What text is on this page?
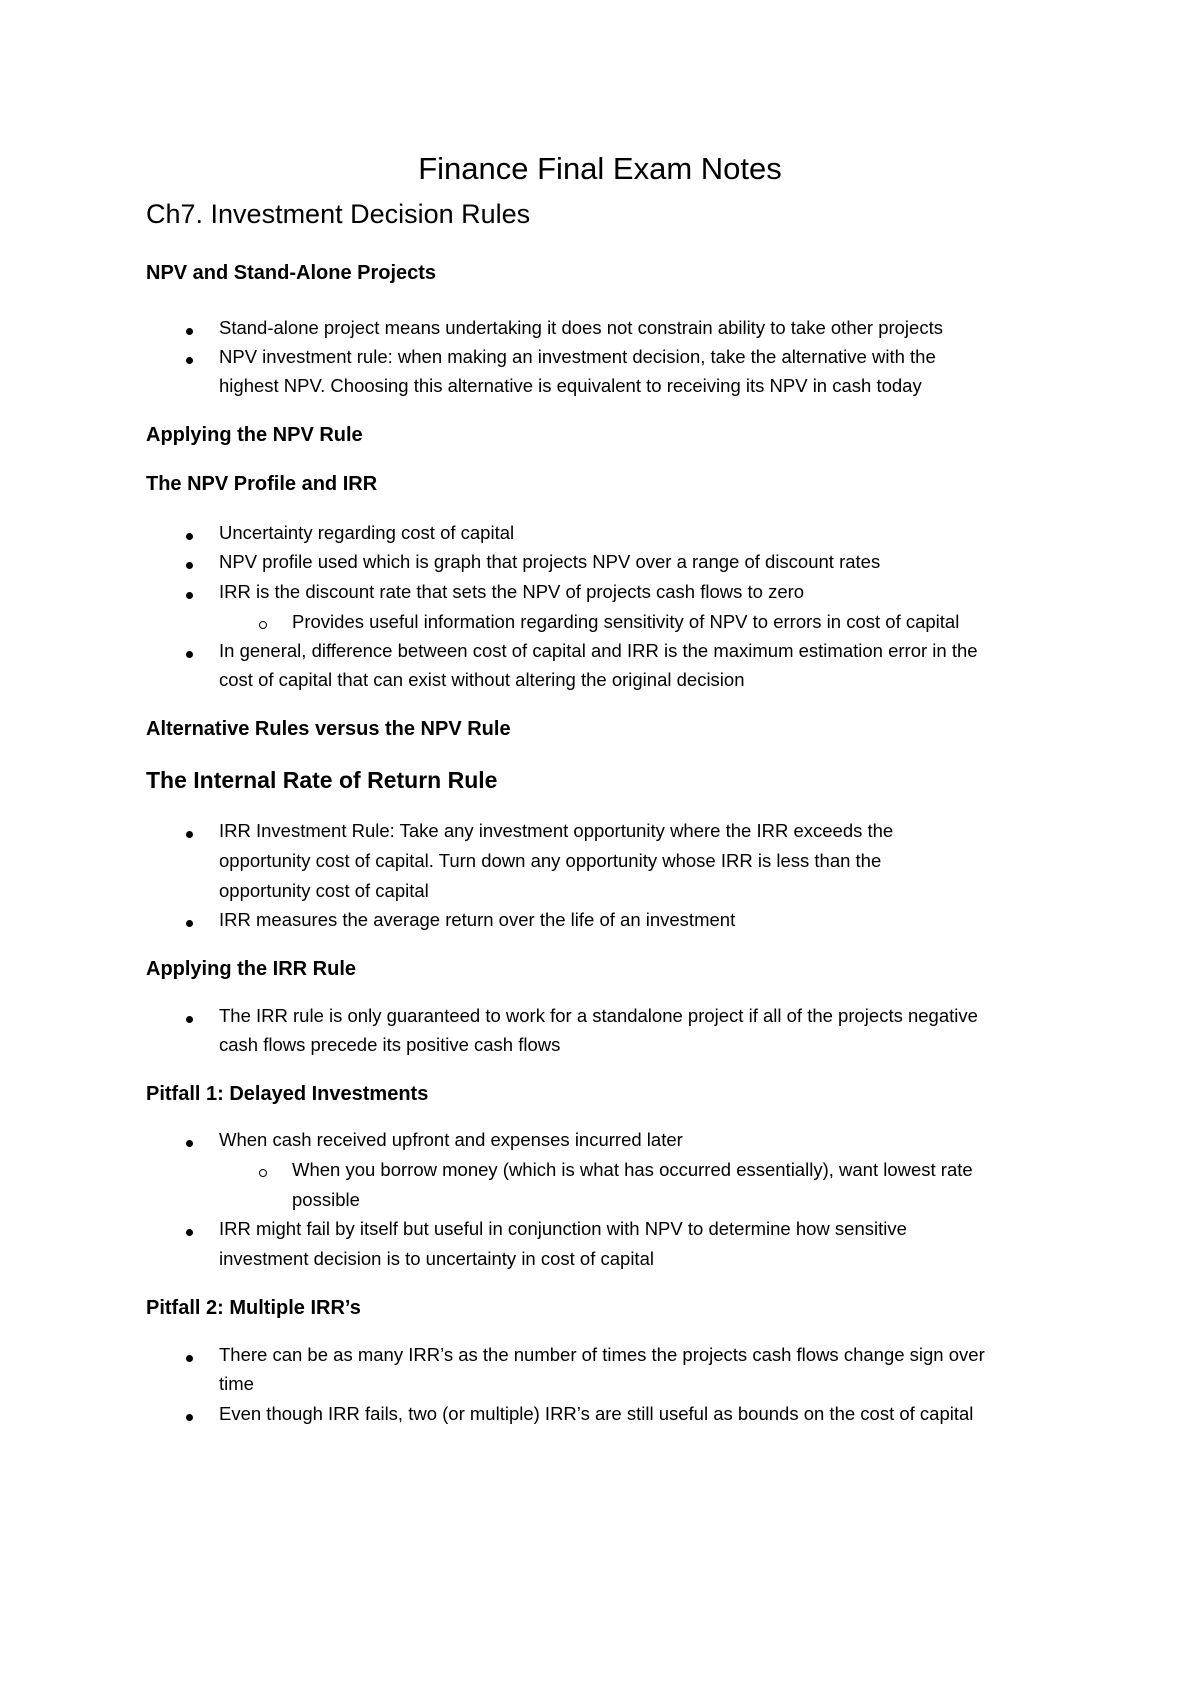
Finance Final Exam Notes
Ch7. Investment Decision Rules
NPV and Stand-Alone Projects
Stand-alone project means undertaking it does not constrain ability to take other projects
NPV investment rule: when making an investment decision, take the alternative with the
highest NPV. Choosing this alternative is equivalent to receiving its NPV in cash today
Applying the NPV Rule
The NPV Profile and IRR
Uncertainty regarding cost of capital
NPV profile used which is graph that projects NPV over a range of discount rates
IRR is the discount rate that sets the NPV of projects cash flows to zero
Provides useful information regarding sensitivity of NPV to errors in cost of capital
In general, difference between cost of capital and IRR is the maximum estimation error in the
cost of capital that can exist without altering the original decision
Alternative Rules versus the NPV Rule
The Internal Rate of Return Rule
IRR Investment Rule: Take any investment opportunity where the IRR exceeds the
opportunity cost of capital. Turn down any opportunity whose IRR is less than the
opportunity cost of capital
IRR measures the average return over the life of an investment
Applying the IRR Rule
The IRR rule is only guaranteed to work for a standalone project if all of the projects negative
cash flows precede its positive cash flows
Pitfall 1: Delayed Investments
When cash received upfront and expenses incurred later
When you borrow money (which is what has occurred essentially), want lowest rate
possible
IRR might fail by itself but useful in conjunction with NPV to determine how sensitive
investment decision is to uncertainty in cost of capital
Pitfall 2: Multiple IRR’s
There can be as many IRR’s as the number of times the projects cash flows change sign over
time
Even though IRR fails, two (or multiple) IRR’s are still useful as bounds on the cost of capital
